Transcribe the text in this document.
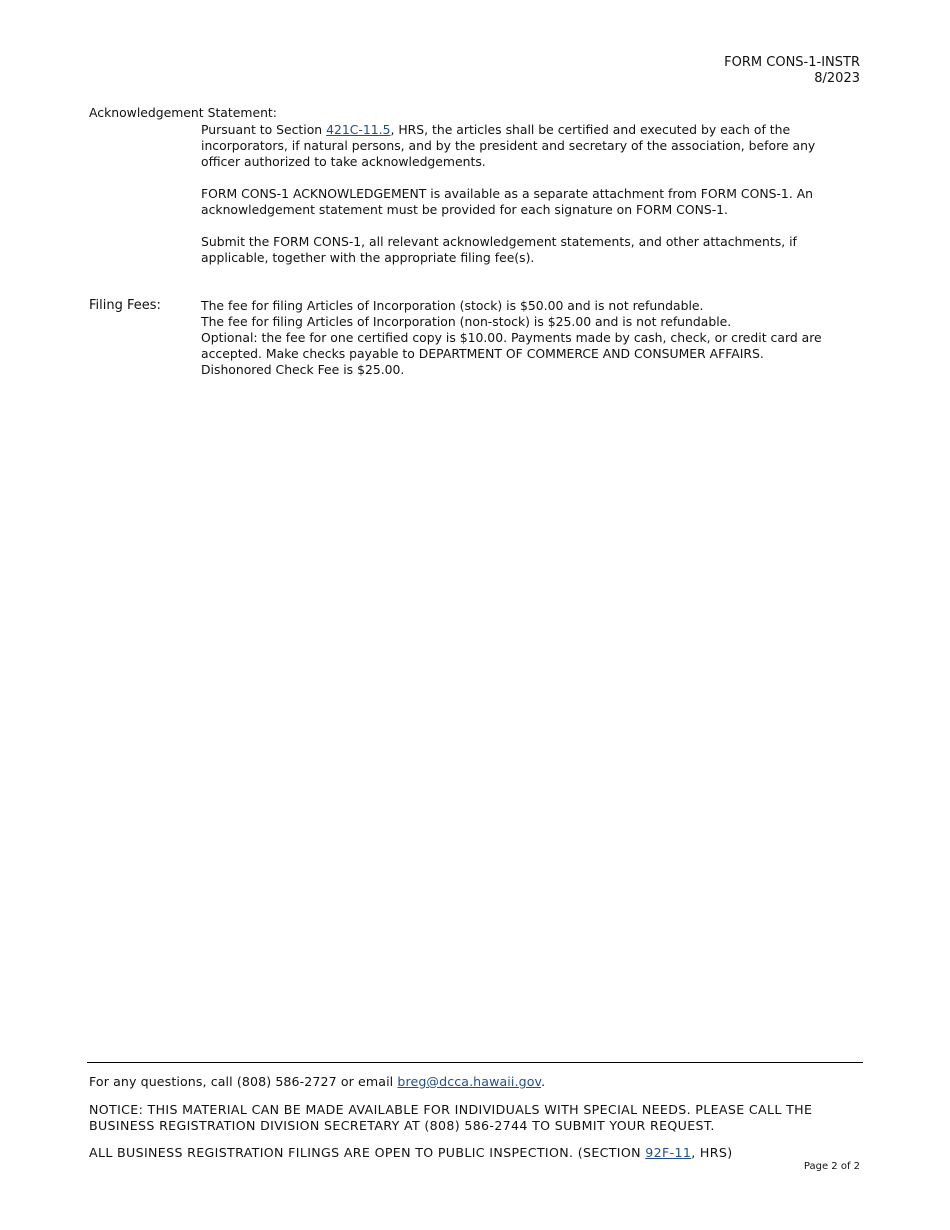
FORM CONS-1-INSTR
8/2023
Acknowledgement Statement:

Pursuant to Section 421C-11.5, HRS, the articles shall be certified and executed by each of the incorporators, if natural persons, and by the president and secretary of the association, before any officer authorized to take acknowledgements.

FORM CONS-1 ACKNOWLEDGEMENT is available as a separate attachment from FORM CONS-1. An acknowledgement statement must be provided for each signature on FORM CONS-1.

Submit the FORM CONS-1, all relevant acknowledgement statements, and other attachments, if applicable, together with the appropriate filing fee(s).

Filing Fees:	The fee for filing Articles of Incorporation (stock) is $50.00 and is not refundable.

The fee for filing Articles of Incorporation (non-stock) is $25.00 and is not refundable.

Optional: the fee for one certified copy is $10.00. Payments made by cash, check, or credit card are accepted. Make checks payable to DEPARTMENT OF COMMERCE AND CONSUMER AFFAIRS.

Dishonored Check Fee is $25.00.

For any questions, call (808) 586-2727 or email breg@dcca.hawaii.gov.
NOTICE: THIS MATERIAL CAN BE MADE AVAILABLE FOR INDIVIDUALS WITH SPECIAL NEEDS. PLEASE CALL THE BUSINESS REGISTRATION DIVISION SECRETARY AT (808) 586-2744 TO SUBMIT YOUR REQUEST.
ALL BUSINESS REGISTRATION FILINGS ARE OPEN TO PUBLIC INSPECTION. (SECTION 92F-11, HRS)
Page 2 of 2
